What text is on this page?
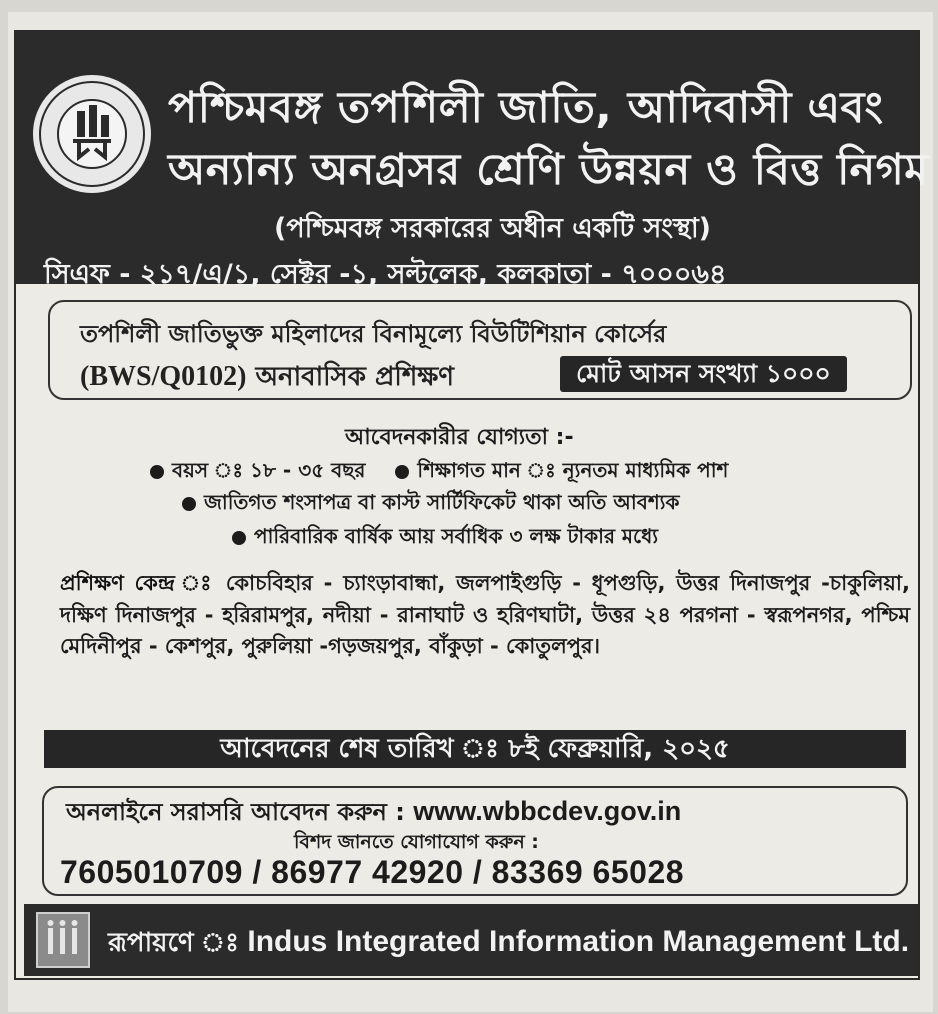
পশ্চিমবঙ্গ তপশিলী জাতি, আদিবাসী এবং
অন্যান্য অনগ্রসর শ্রেণি উন্নয়ন ও বিত্ত নিগম
(পশ্চিমবঙ্গ সরকারের অধীন একটি সংস্থা)
সিএফ - ২১৭/এ/১, সেক্টর -১, সল্টলেক, কলকাতা - ৭০০০৬৪
তপশিলী জাতিভুক্ত মহিলাদের বিনামূল্যে বিউটিশিয়ান কোর্সের
(BWS/Q0102) অনাবাসিক প্রশিক্ষণ	মোট আসন সংখ্যা ১০০০
আবেদনকারীর যোগ্যতা :-
বয়স ঃ ১৮ - ৩৫ বছর	শিক্ষাগত মান ঃ ন্যূনতম মাধ্যমিক পাশ
জাতিগত শংসাপত্র বা কাস্ট সার্টিফিকেট থাকা অতি আবশ্যক
পারিবারিক বার্ষিক আয় সর্বাধিক ৩ লক্ষ টাকার মধ্যে
প্রশিক্ষণ কেন্দ্র ঃ কোচবিহার - চ্যাংড়াবান্ধা, জলপাইগুড়ি - ধূপগুড়ি, উত্তর দিনাজপুর -চাকুলিয়া, দক্ষিণ দিনাজপুর - হরিরামপুর, নদীয়া - রানাঘাট ও হরিণঘাটা, উত্তর ২৪ পরগনা - স্বরূপনগর, পশ্চিম মেদিনীপুর - কেশপুর, পুরুলিয়া -গড়জয়পুর, বাঁকুড়া - কোতুলপুর।
আবেদনের শেষ তারিখ ঃ ৮ই ফেব্রুয়ারি, ২০২৫
অনলাইনে সরাসরি আবেদন করুন : www.wbbcdev.gov.in
বিশদ জানতে যোগাযোগ করুন :
7605010709 / 86977 42920 / 83369 65028
রূপায়ণে ঃ Indus Integrated Information Management Ltd.
